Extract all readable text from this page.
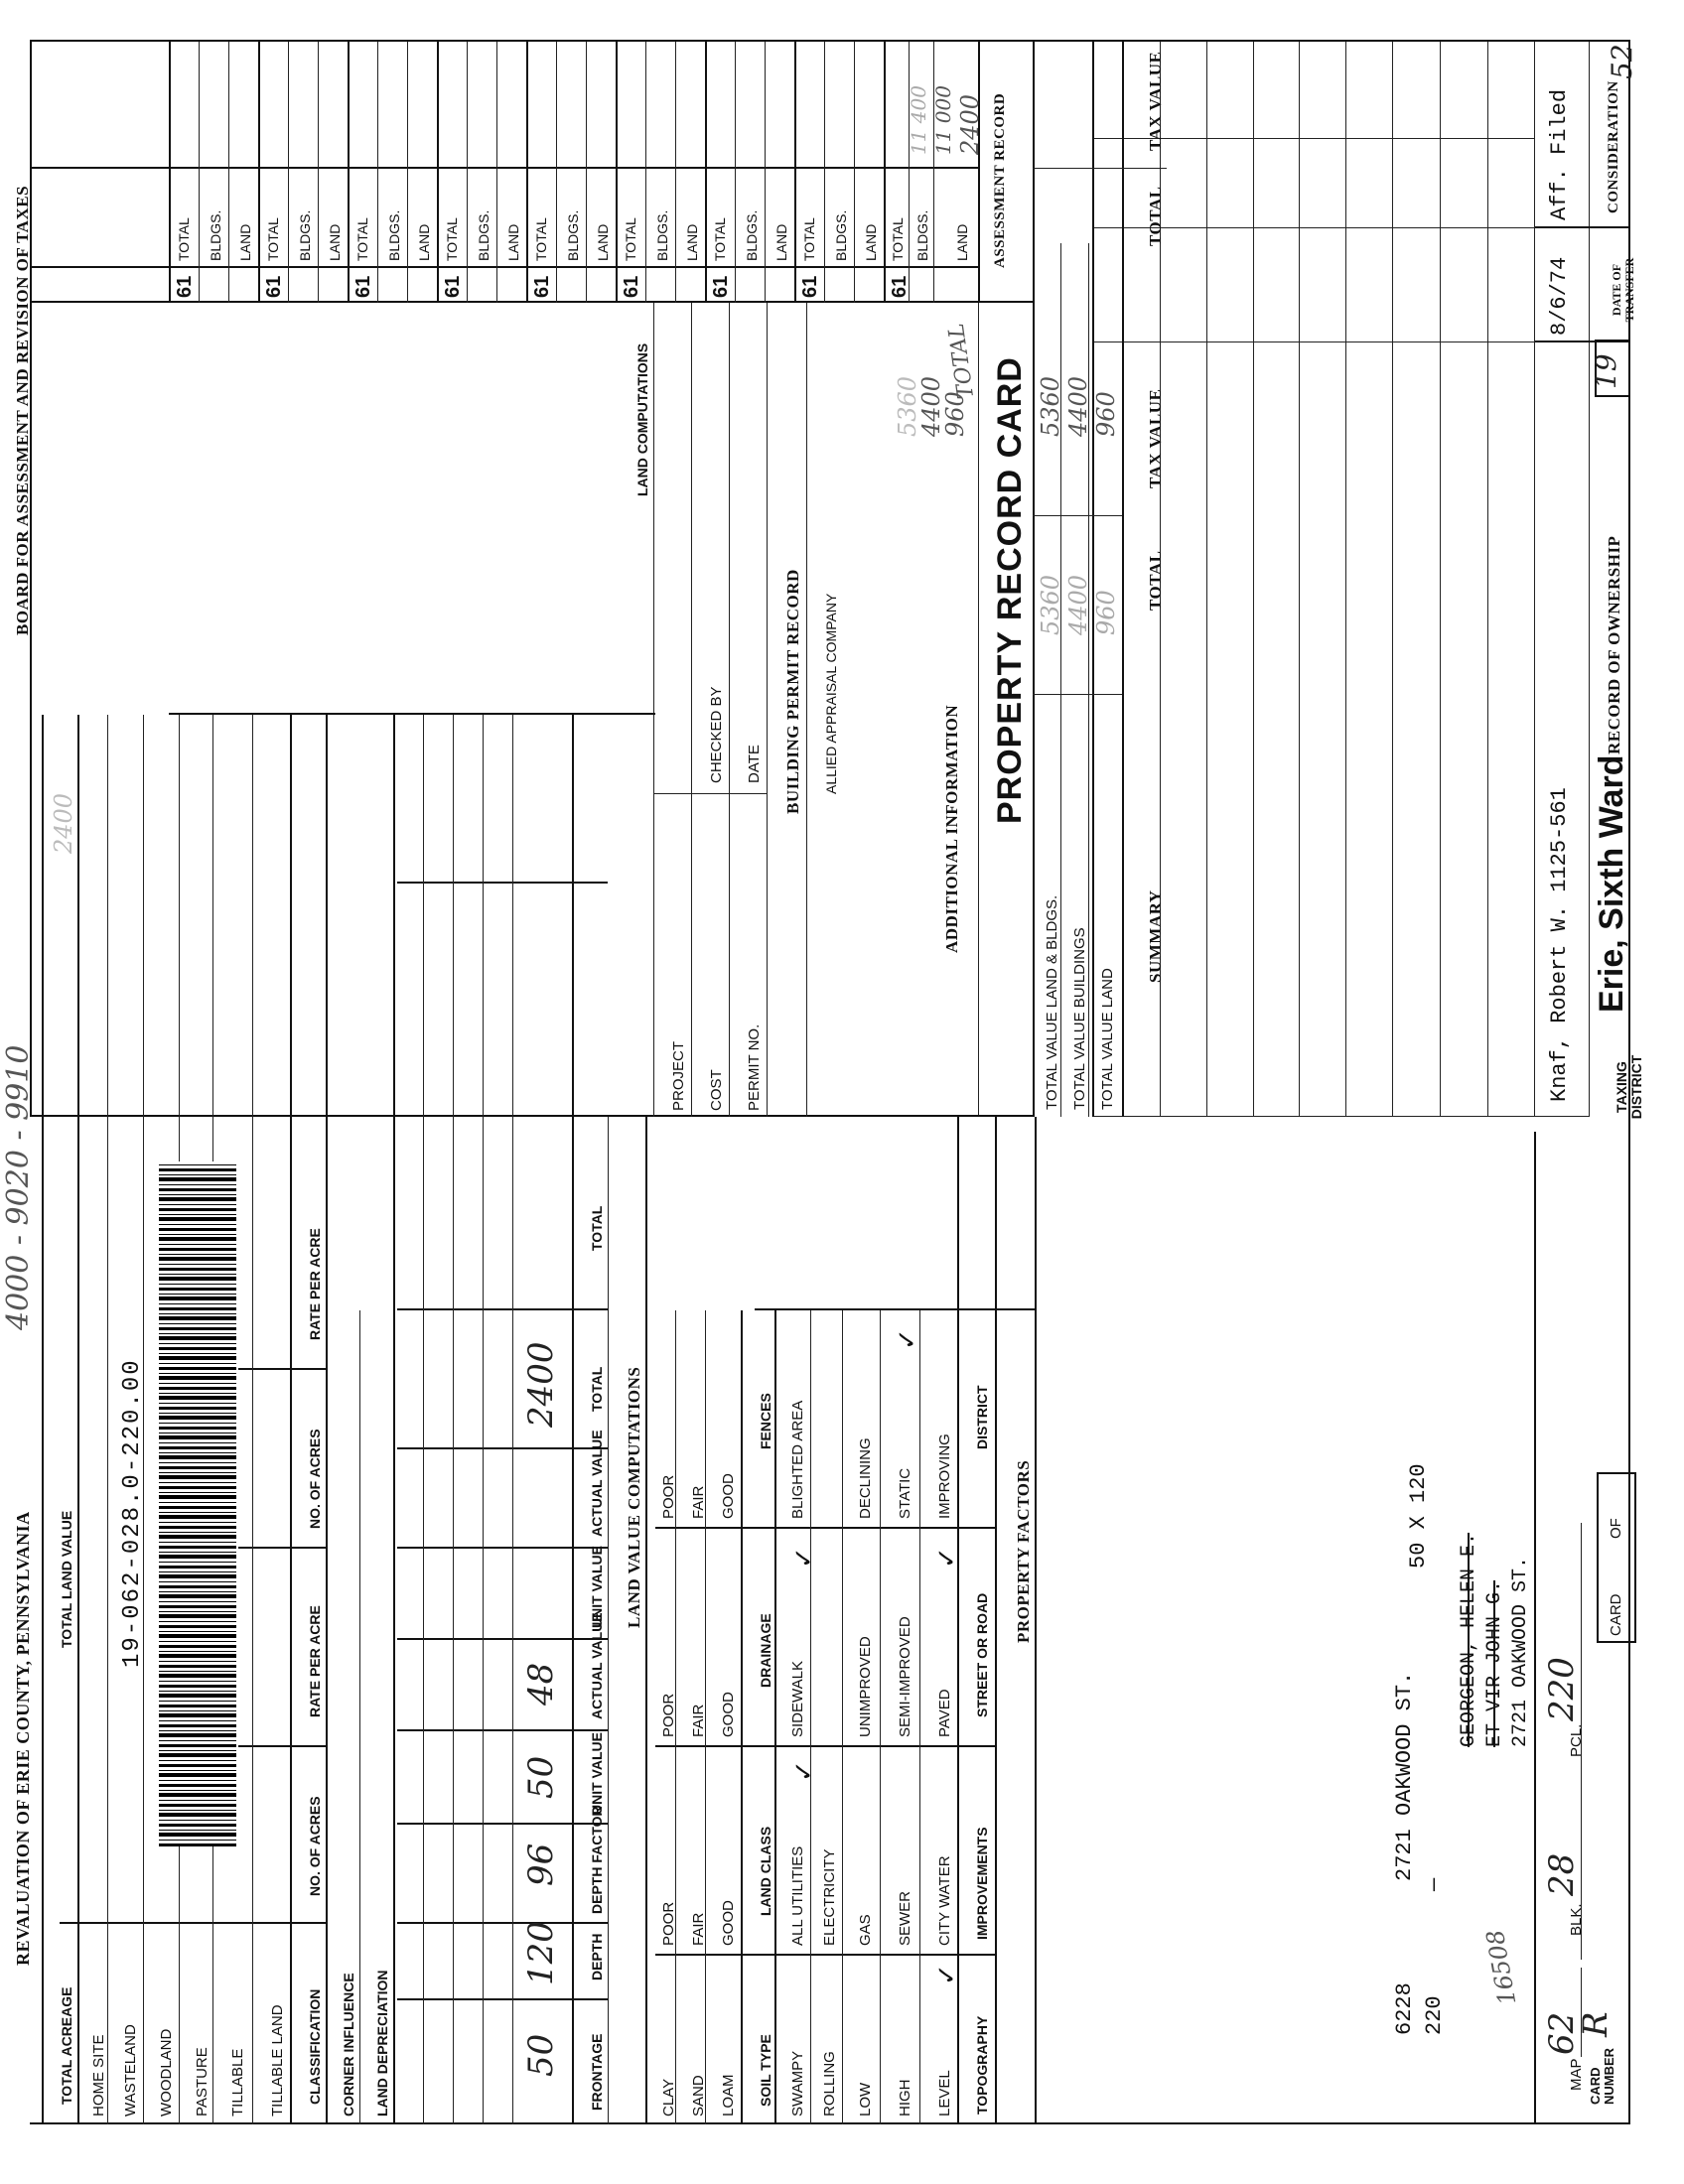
CARD NUMBER
R
MAP
62
CARD
OF
BLK.
28
PCL.
220
TAXING DISTRICT
Erie, Sixth Ward
19
52
6228 220
—
2721 OAKWOOD ST.
50 X 120
GEORGEON, HELEN E. ET VIR JOHN G. 2721 OAKWOOD ST.
16508
RECORD OF OWNERSHIP
DATE OF TRANSFER
CONSIDERATION
Knaf, Robert W. 1125-561
8/6/74
Aff. Filed
SUMMARY
TOTAL
TAX VALUE
TOTAL VALUE LAND
TOTAL VALUE BUILDINGS
TOTAL VALUE LAND & BLDGS.
960
4400
5360
960
4400
5360
TOTAL
TAX VALUE
ASSESSMENT RECORD
2400
11 000
11 400
LAND
BLDGS.
TOTAL
LAND
BLDGS.
TOTAL
LAND
BLDGS.
TOTAL
LAND
BLDGS.
TOTAL
LAND
BLDGS.
TOTAL
LAND
BLDGS.
TOTAL
LAND
BLDGS.
TOTAL
LAND
BLDGS.
TOTAL
LAND
BLDGS.
TOTAL
61
61
61
61
61
61
61
61
61
TOTAL PROPERTY RECORD CARD
ADDITIONAL INFORMATION
960
4400
5360
ALLIED APPRAISAL COMPANY
BUILDING PERMIT RECORD
PERMIT NO.
DATE
COST
CHECKED BY
PROJECT
LAND COMPUTATIONS
PROPERTY FACTORS
TOPOGRAPHY
IMPROVEMENTS
STREET OR ROAD
DISTRICT
LEVEL
HIGH
LOW
ROLLING
SWAMPY
✓
CITY WATER
SEWER
GAS
ELECTRICITY
ALL UTILITIES
✓
PAVED
SEMI-IMPROVED
UNIMPROVED
SIDEWALK
✓
✓
IMPROVING
STATIC
DECLINING
BLIGHTED AREA
✓
SOIL TYPE
LAND CLASS
DRAINAGE
FENCES
LOAM
SAND
CLAY
GOOD
FAIR
POOR
GOOD
FAIR
POOR
GOOD
FAIR
POOR
LAND VALUE COMPUTATIONS
FRONTAGE
DEPTH
DEPTH FACTOR
UNIT VALUE
ACTUAL VALUE
UNIT VALUE
ACTUAL VALUE
TOTAL
TOTAL
50
120
96
50
48
2400
LAND DEPRECIATION
CORNER INFLUENCE
CLASSIFICATION
NO. OF ACRES
RATE PER ACRE
NO. OF ACRES
RATE PER ACRE
TILLABLE LAND
TILLABLE
PASTURE
WOODLAND
WASTELAND
HOME SITE
TOTAL ACREAGE
TOTAL LAND VALUE
2400
19-062-028.0-220.00
REVALUATION OF ERIE COUNTY, PENNSYLVANIA
4000 - 9020 - 9910
BOARD FOR ASSESSMENT AND REVISION OF TAXES
